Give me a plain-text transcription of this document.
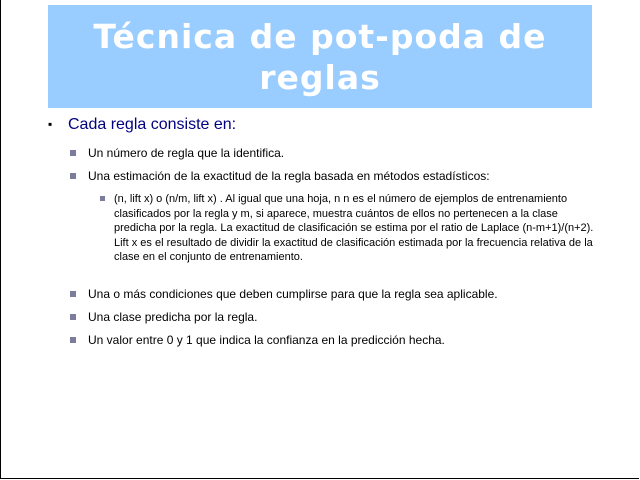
Técnica de pot-poda de reglas
▪ Cada regla consiste en:
Un número de regla que la identifica.
Una estimación de la exactitud de la regla basada en métodos estadísticos:
(n, lift x) o (n/m, lift x) . Al igual que una hoja, n n es el número de ejemplos de entrenamiento clasificados por la regla y m, si aparece, muestra cuántos de ellos no pertenecen a la clase predicha por la regla. La exactitud de clasificación se estima por el ratio de Laplace (n-m+1)/(n+2). Lift x es el resultado de dividir la exactitud de clasificación estimada por la frecuencia relativa de la clase en el conjunto de entrenamiento.
Una o más condiciones que deben cumplirse para que la regla sea aplicable.
Una clase predicha por la regla.
Un valor entre 0 y 1 que indica la confianza en la predicción hecha.
